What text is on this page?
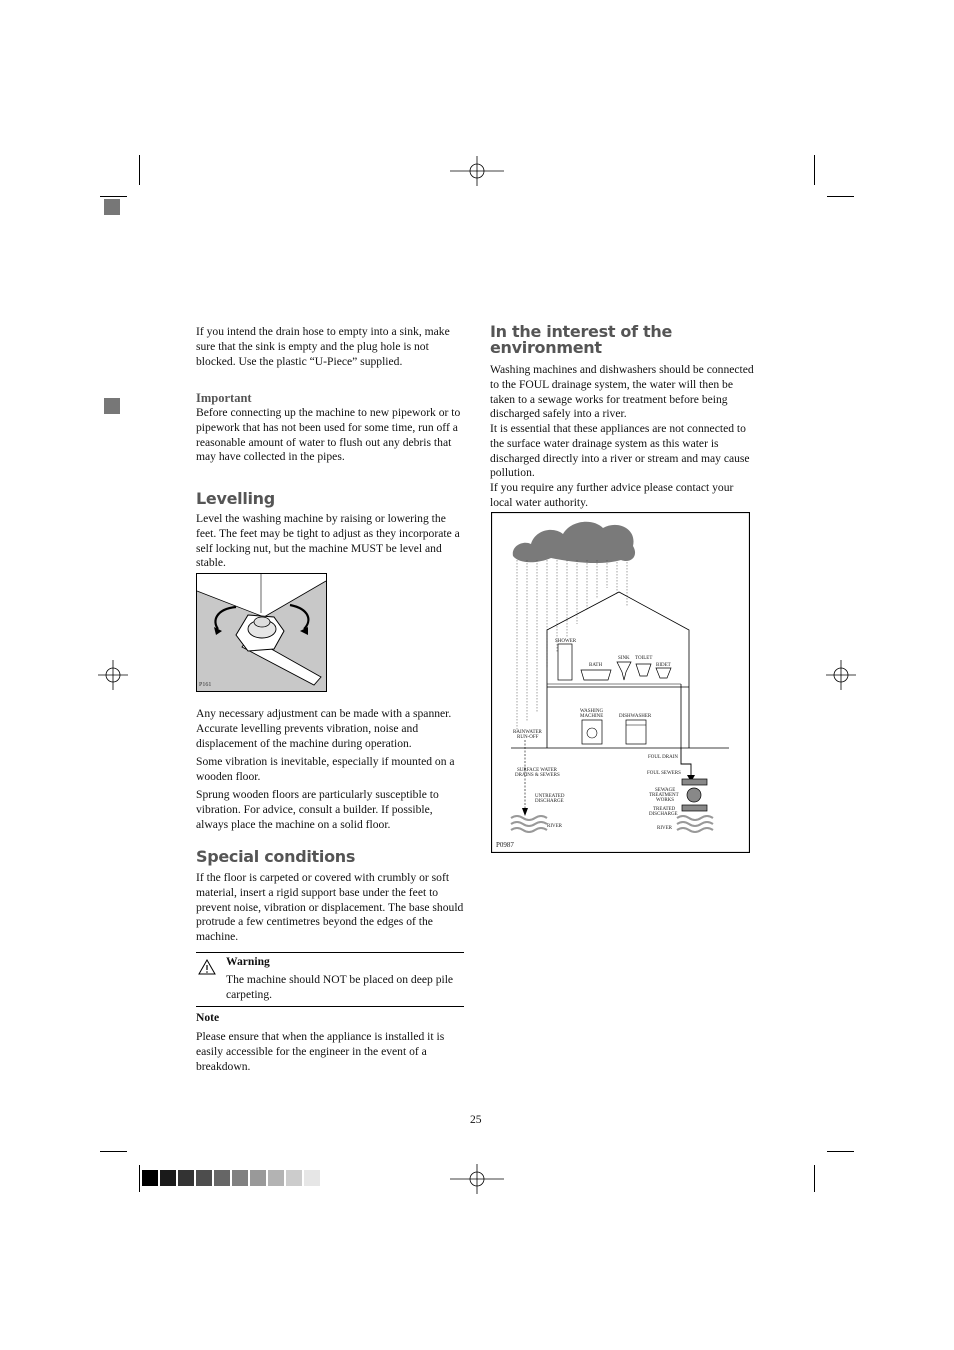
If you intend the drain hose to empty into a sink, make sure that the sink is empty and the plug hole is not blocked. Use the plastic “U-Piece” supplied.

Important

Before connecting up the machine to new pipework or to pipework that has not been used for some time, run off a reasonable amount of water to flush out any debris that may have collected in the pipes.

Levelling

Level the washing machine by raising or lowering the feet. The feet may be tight to adjust as they incorporate a self locking nut, but the machine MUST be level and stable.

P161

Any necessary adjustment can be made with a spanner. Accurate levelling prevents vibration, noise and displacement of the machine during operation.

Some vibration is inevitable, especially if mounted on a wooden floor.

Sprung wooden floors are particularly susceptible to vibration. For advice, consult a builder. If possible, always place the machine on a solid floor.

Special conditions

If the floor is carpeted or covered with crumbly or soft material, insert a rigid support base under the feet to prevent noise, vibration or displacement. The base should protrude a few centimetres beyond the edges of the machine.

Warning

The machine should NOT be placed on deep pile carpeting.

Note

Please ensure that when the appliance is installed it is easily accessible for the engineer in the event of a breakdown.

In the interest of the
environment

Washing machines and dishwashers should be connected to the FOUL drainage system, the water will then be taken to a sewage works for treatment before being discharged safely into a river.

It is essential that these appliances are not connected to the surface water drainage system as this water is discharged directly into a river or stream and may cause pollution.

If you require any further advice please contact your local water authority.

SHOWER
BATH
SINK TOILET
BIDET
WASHING
MACHINE	DISHWASHER
RAINWATER
RUN-OFF
FOUL DRAIN
SURFACE WATER
DRAINS & SEWERS	FOUL SEWERS
UNTREATED
DISCHARGE
SEWAGE
TREATMENT
WORKS
TREATED
DISCHARGE
RIVER	RIVER
P0987

25
